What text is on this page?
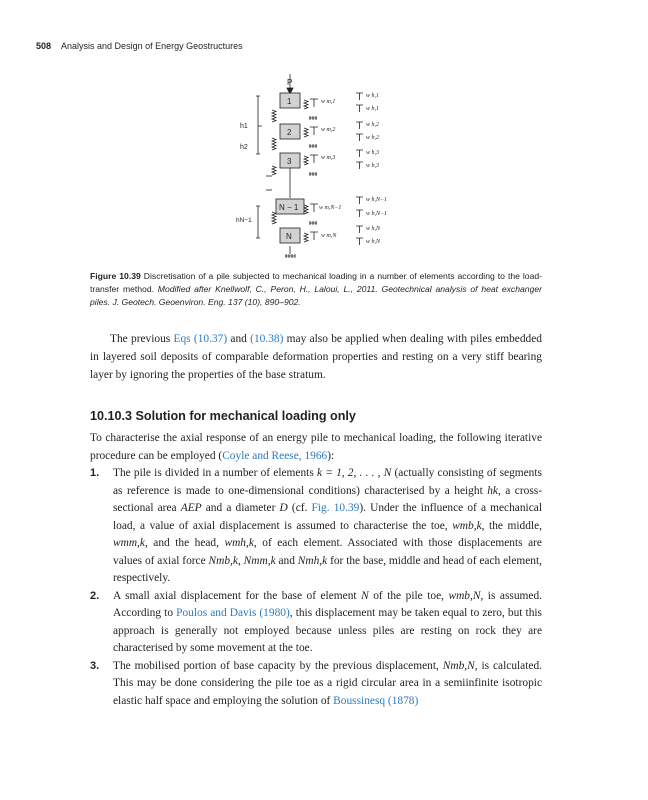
508 Analysis and Design of Energy Geostructures
P
1
2
3
N − 1
N
h1
h2
hN−1
w m,1
w m,2
w m,3
w m,N−1
w m,N
w h,1
w b,1
w h,2
w b,2
w h,3
w b,3
w h,N−1
w b,N−1
w h,N
w b,N
Figure 10.39 Discretisation of a pile subjected to mechanical loading in a number of elements according to the load-transfer method. Modified after Knellwolf, C., Peron, H., Laloui, L., 2011. Geotechnical analysis of heat exchanger piles. J. Geotech. Geoenviron. Eng. 137 (10), 890–902.

The previous Eqs (10.37) and (10.38) may also be applied when dealing with piles embedded in layered soil deposits of comparable deformation properties and resting on a very stiff bearing layer by ignoring the properties of the base stratum.

10.10.3 Solution for mechanical loading only

To characterise the axial response of an energy pile to mechanical loading, the following iterative procedure can be employed (Coyle and Reese, 1966):

1. The pile is divided in a number of elements k = 1, 2, . . . , N (actually consisting of segments as reference is made to one-dimensional conditions) characterised by a height hk, a cross-sectional area AEP and a diameter D (cf. Fig. 10.39). Under the influence of a mechanical load, a value of axial displacement is assumed to characterise the toe, wmb,k, the middle, wmm,k, and the head, wmh,k, of each element. Associated with those displacements are values of axial force Nmb,k, Nmm,k and Nmh,k for the base, middle and head of each element, respectively.
2. A small axial displacement for the base of element N of the pile toe, wmb,N, is assumed. According to Poulos and Davis (1980), this displacement may be taken equal to zero, but this approach is generally not employed because unless piles are resting on rock they are characterised by some movement at the toe.
3. The mobilised portion of base capacity by the previous displacement, Nmb,N, is calculated. This may be done considering the pile toe as a rigid circular area in a semiinfinite isotropic elastic half space and employing the solution of Boussinesq (1878)
